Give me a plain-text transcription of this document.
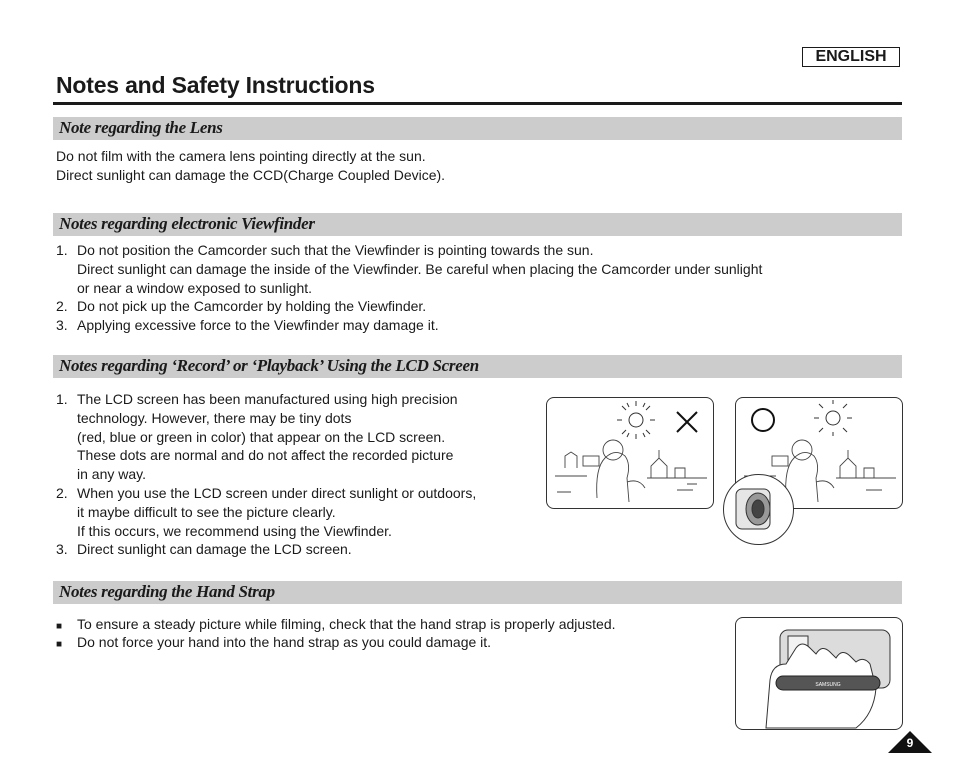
ENGLISH
Notes and Safety Instructions
Note regarding the Lens
Do not film with the camera lens pointing directly at the sun.
Direct sunlight can damage the CCD(Charge Coupled Device).
Notes regarding electronic Viewfinder
1. Do not position the Camcorder such that the Viewfinder is pointing towards the sun.
Direct sunlight can damage the inside of the Viewfinder. Be careful when placing the Camcorder under sunlight
or near a window exposed to sunlight.
2. Do not pick up the Camcorder by holding the Viewfinder.
3. Applying excessive force to the Viewfinder may damage it.
Notes regarding ‘Record’ or ‘Playback’ Using the LCD Screen
1. The LCD screen has been manufactured using high precision
technology. However, there may be tiny dots
(red, blue or green in color) that appear on the LCD screen.
These dots are normal and do not affect the recorded picture
in any way.
2. When you use the LCD screen under direct sunlight or outdoors,
it maybe difficult to see the picture clearly.
If this occurs, we recommend using the Viewfinder.
3. Direct sunlight can damage the LCD screen.
Notes regarding the Hand Strap
■ To ensure a steady picture while filming, check that the hand strap is properly adjusted.
■ Do not force your hand into the hand strap as you could damage it.
SAMSUNG
9
